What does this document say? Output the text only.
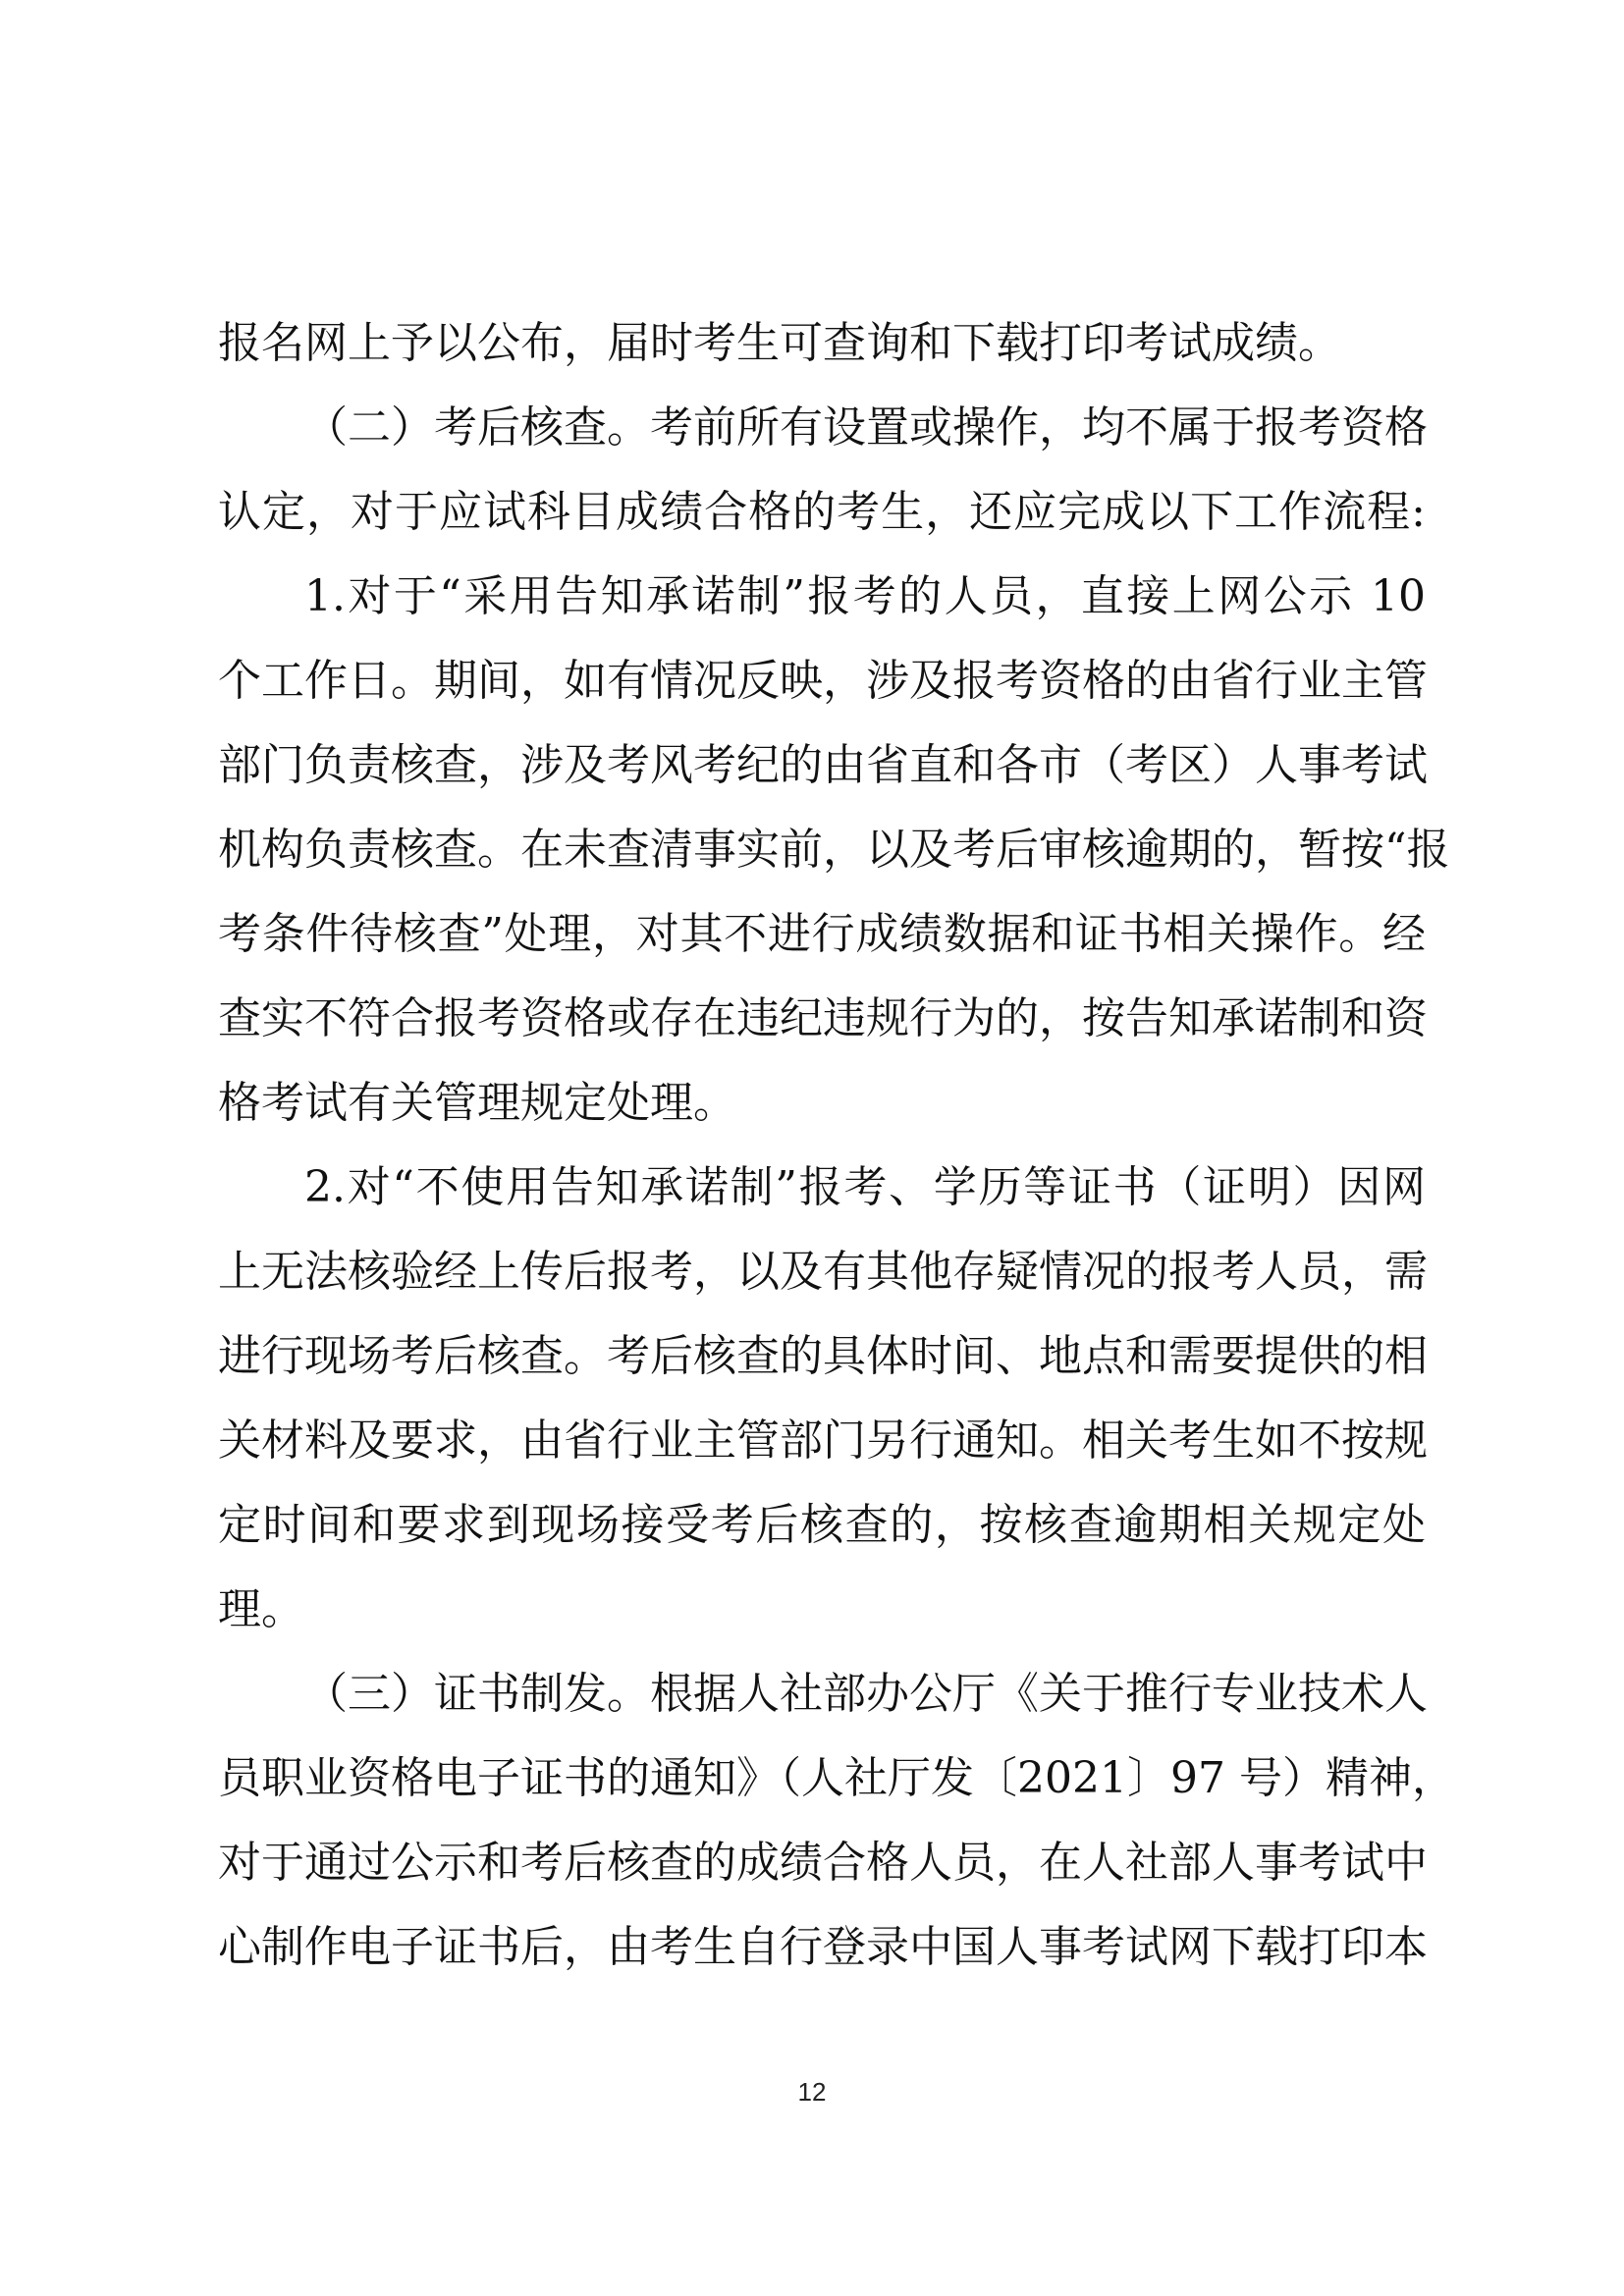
报名网上予以公布，届时考生可查询和下载打印考试成绩。
（二）考后核查。考前所有设置或操作，均不属于报考资格
认定，对于应试科目成绩合格的考生，还应完成以下工作流程:
1.对于“采用告知承诺制”报考的人员，直接上网公示 10
个工作日。期间，如有情况反映，涉及报考资格的由省行业主管
部门负责核查，涉及考风考纪的由省直和各市（考区）人事考试
机构负责核查。在未查清事实前，以及考后审核逾期的，暂按“报
考条件待核查”处理，对其不进行成绩数据和证书相关操作。经
查实不符合报考资格或存在违纪违规行为的，按告知承诺制和资
格考试有关管理规定处理。
2.对“不使用告知承诺制”报考、学历等证书（证明）因网
上无法核验经上传后报考，以及有其他存疑情况的报考人员，需
进行现场考后核查。考后核查的具体时间、地点和需要提供的相
关材料及要求，由省行业主管部门另行通知。相关考生如不按规
定时间和要求到现场接受考后核查的，按核查逾期相关规定处
理。
（三）证书制发。根据人社部办公厅《关于推行专业技术人
员职业资格电子证书的通知》（人社厅发〔2021〕97 号）精神，
对于通过公示和考后核查的成绩合格人员，在人社部人事考试中
心制作电子证书后，由考生自行登录中国人事考试网下载打印本
12
